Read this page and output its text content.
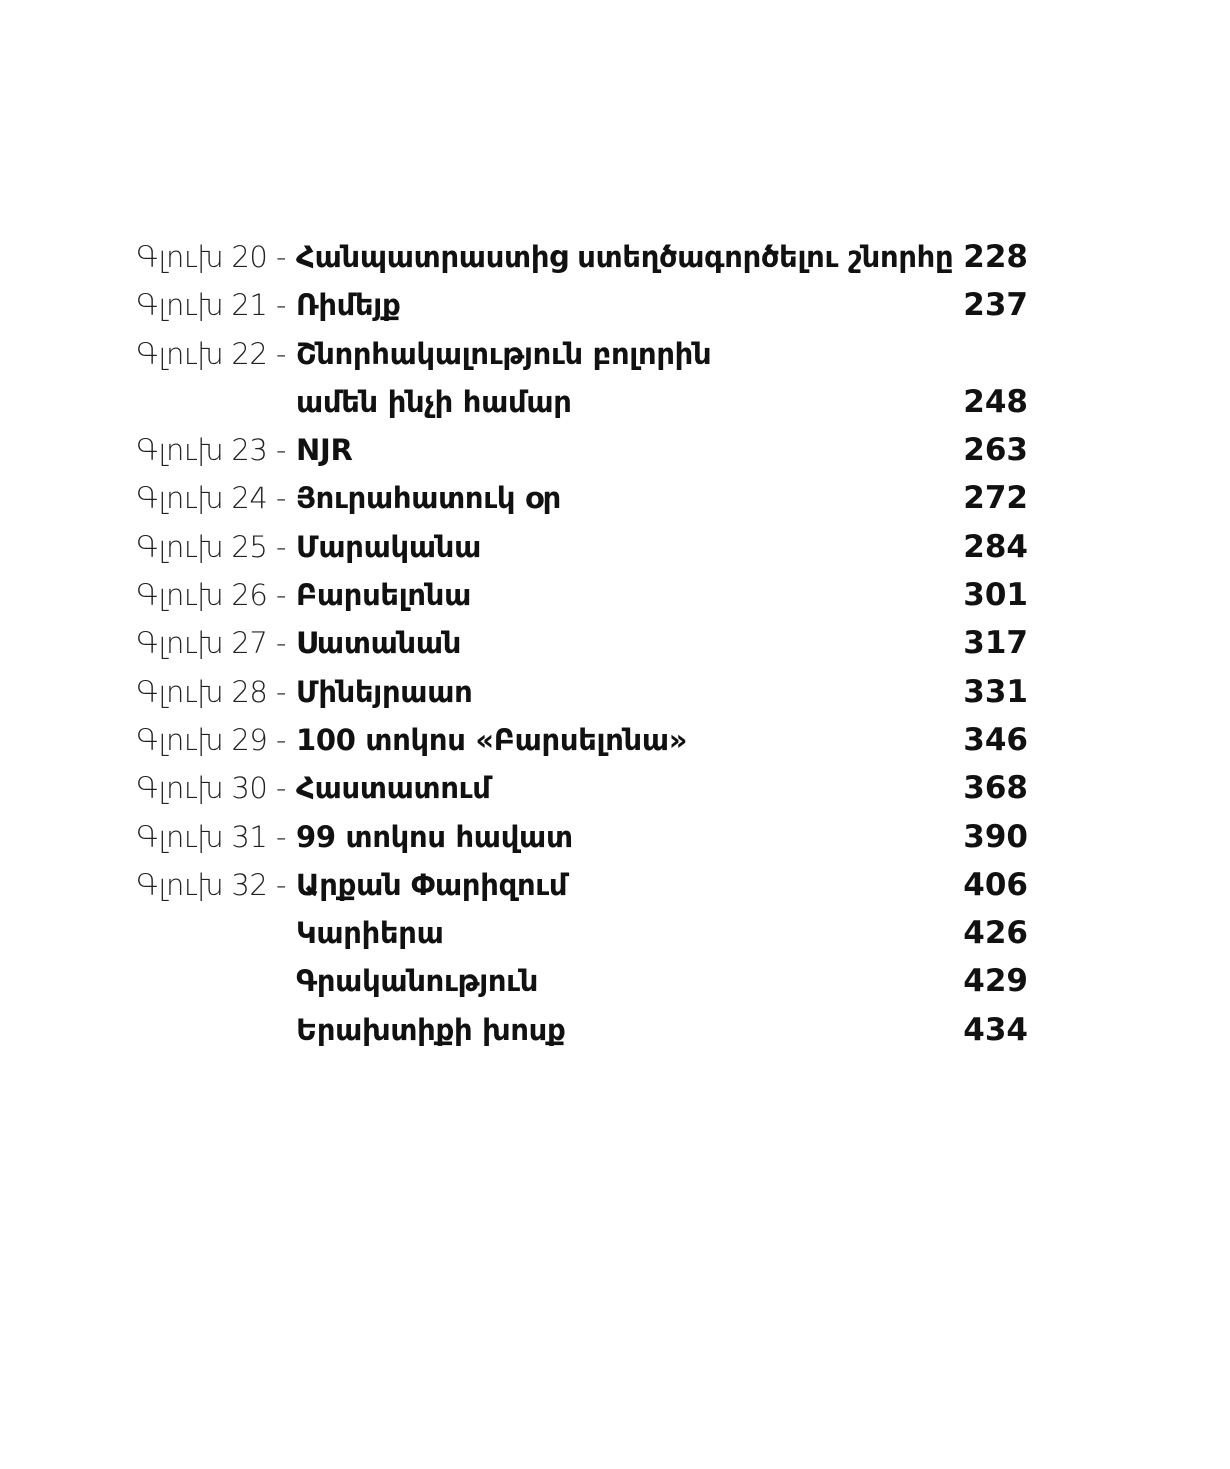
Գլուխ 20 - Հանպատրաստից ստեղծագործելու շնորհը 228
Գլուխ 21 - Ռիմեյք	237
Գլուխ 22 - Շնորհակալություն բոլորին
ամեն ինչի համար	248
Գլուխ 23 - NJR	263
Գլուխ 24 - Յուրահատուկ օր	272
Գլուխ 25 - Մարականա	284
Գլուխ 26 - Բարսելոնա	301
Գլուխ 27 - Սատանան	317
Գլուխ 28 - Մինեյրաաո	331
Գլուխ 29 - 100 տոկոս «Բարսելոնա»	346
Գլուխ 30 - Հաստատում	368
Գլուխ 31 - 99 տոկոս հավատ	390
Գլուխ 32 - Արքան Փարիզում	406
Կարիերա	426
Գրականություն	429
Երախտիքի խոսք	434
